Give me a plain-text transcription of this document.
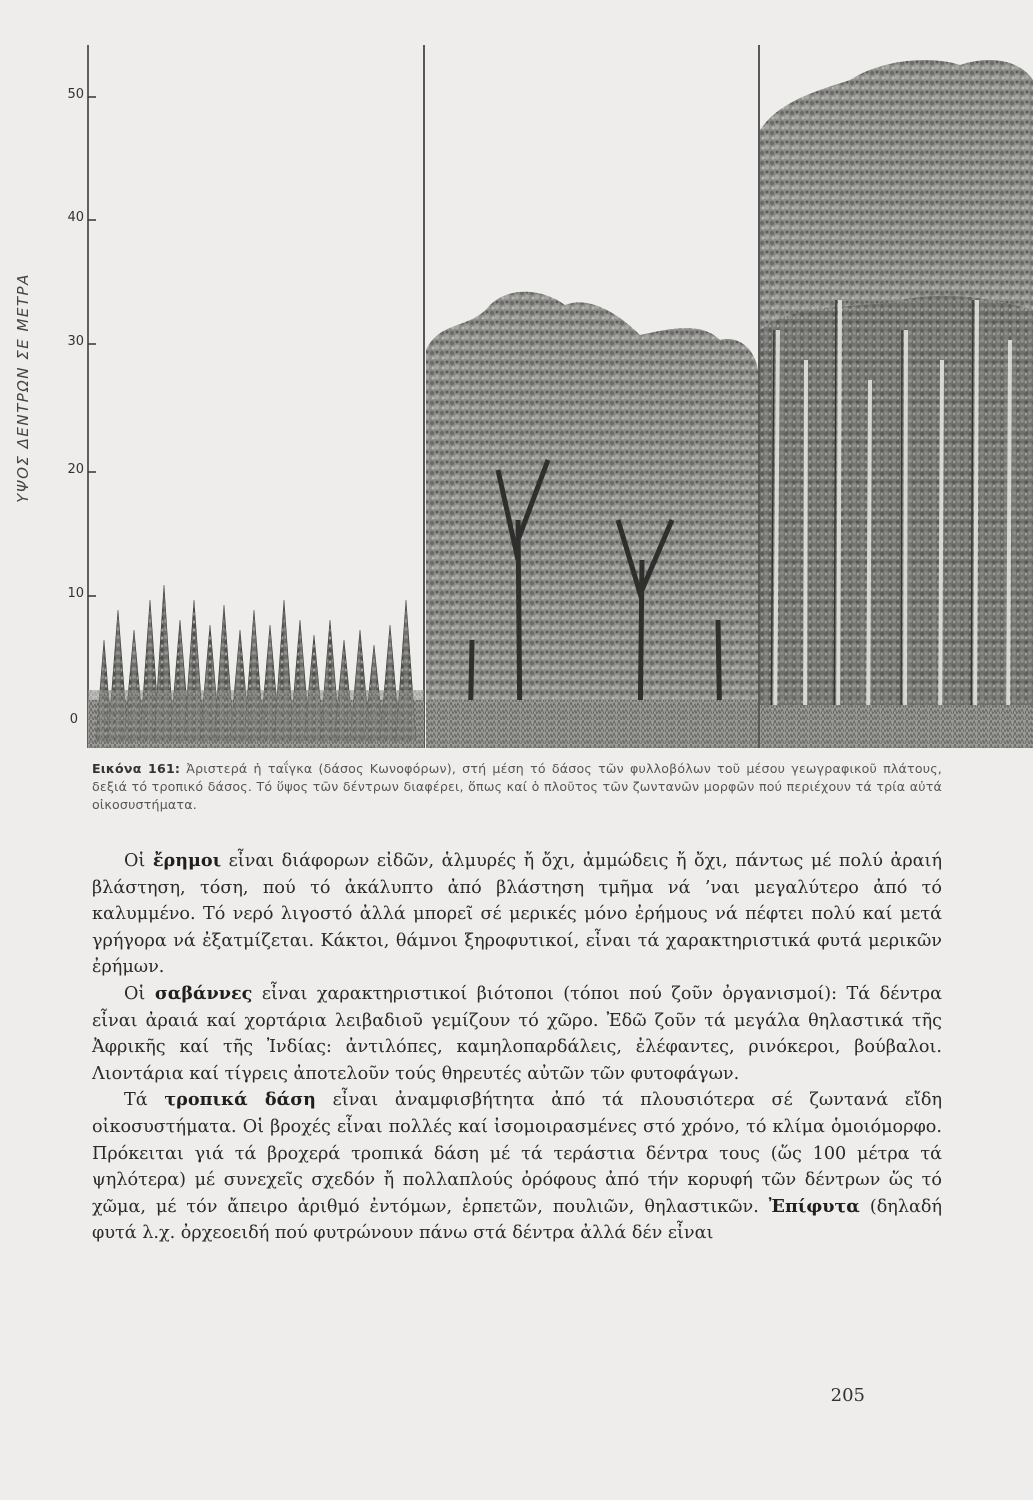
ΥΨΟΣ ΔΕΝΤΡΩΝ ΣΕ ΜΕΤΡΑ
50
40
30
20
10
0
Εικόνα 161: Ἀριστερά ἡ ταΐγκα (δάσος Κωνοφόρων), στή μέση τό δάσος τῶν φυλλοβόλων τοῦ μέσου γεωγραφικοῦ πλάτους, δεξιά τό τροπικό δάσος. Τό ὕψος τῶν δέντρων διαφέρει, ὅπως καί ὁ πλοῦτος τῶν ζωντανῶν μορφῶν πού περιέχουν τά τρία αὐτά οἰκοσυστήματα.

Οἱ ἔρημοι εἶναι διάφορων εἰδῶν, ἁλμυρές ἤ ὄχι, ἀμμώδεις ἤ ὄχι, πάντως μέ πολύ ἀραιή βλάστηση, τόση, πού τό ἀκάλυπτο ἀπό βλάστηση τμῆμα νά ’ναι μεγαλύτερο ἀπό τό καλυμμένο. Τό νερό λιγοστό ἀλλά μπορεῖ σέ μερικές μόνο ἐρήμους νά πέφτει πολύ καί μετά γρήγορα νά ἐξατμίζεται. Κάκτοι, θάμνοι ξηροφυτικοί, εἶναι τά χαρακτηριστικά φυτά μερικῶν ἐρήμων.

Οἱ σαβάννες εἶναι χαρακτηριστικοί βιότοποι (τόποι πού ζοῦν ὀργανισμοί): Τά δέντρα εἶναι ἀραιά καί χορτάρια λειβαδιοῦ γεμίζουν τό χῶρο. Ἐδῶ ζοῦν τά μεγάλα θηλαστικά τῆς Ἀφρικῆς καί τῆς Ἰνδίας: ἀντιλόπες, καμηλοπαρδάλεις, ἐλέφαντες, ρινόκεροι, βούβαλοι. Λιοντάρια καί τίγρεις ἀποτελοῦν τούς θηρευτές αὐτῶν τῶν φυτοφάγων.

Τά τροπικά δάση εἶναι ἀναμφισβήτητα ἀπό τά πλουσιότερα σέ ζωντανά εἴδη οἰκοσυστήματα. Οἱ βροχές εἶναι πολλές καί ἰσομοιρασμένες στό χρόνο, τό κλίμα ὁμοιόμορφο. Πρόκειται γιά τά βροχερά τροπικά δάση μέ τά τεράστια δέντρα τους (ὥς 100 μέτρα τά ψηλότερα) μέ συνεχεῖς σχεδόν ἤ πολλαπλούς ὀρόφους ἀπό τήν κορυφή τῶν δέντρων ὥς τό χῶμα, μέ τόν ἄπειρο ἀριθμό ἐντόμων, ἑρπετῶν, πουλιῶν, θηλαστικῶν. Ἐπίφυτα (δηλαδή φυτά λ.χ. ὀρχεοειδή πού φυτρώνουν πάνω στά δέντρα ἀλλά δέν εἶναι

205
